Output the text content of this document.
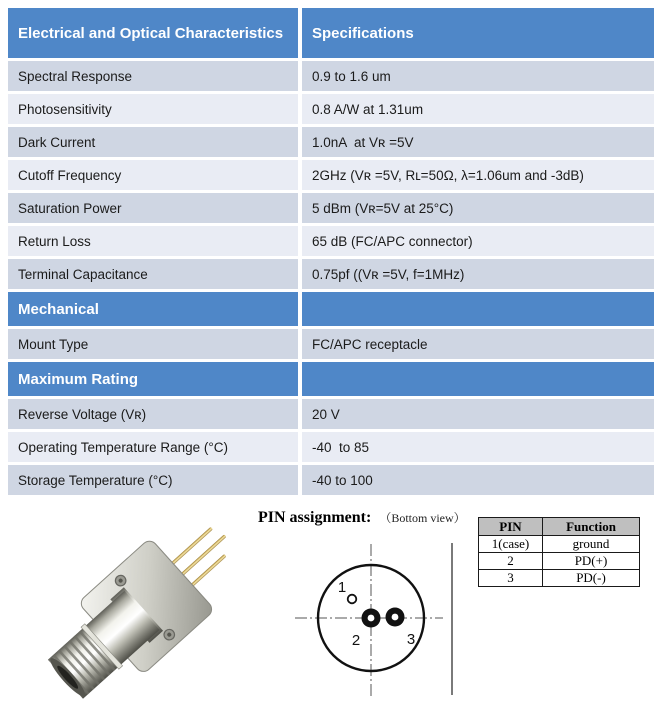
Electrical and Optical Characteristics Specifications
Spectral Response	0.9 to 1.6 um
Photosensitivity	0.8 A/W at 1.31um
Dark Current	1.0nA  at Vʀ =5V
Cutoff Frequency	2GHz (Vʀ =5V, Rʟ=50Ω, λ=1.06um and -3dB)
Saturation Power	5 dBm (Vʀ=5V at 25°C)
Return Loss	65 dB (FC/APC connector)
Terminal Capacitance	0.75pf ((Vʀ =5V, f=1MHz)
Mechanical
Mount Type	FC/APC receptacle
Maximum Rating
Reverse Voltage (Vʀ)	20 V
Operating Temperature Range (°C)	-40  to 85
Storage Temperature (°C)	-40 to 100
PIN assignment: （Bottom view）
1
2	3
PIN	Function
1(case)	ground
2	PD(+)
3	PD(-)
